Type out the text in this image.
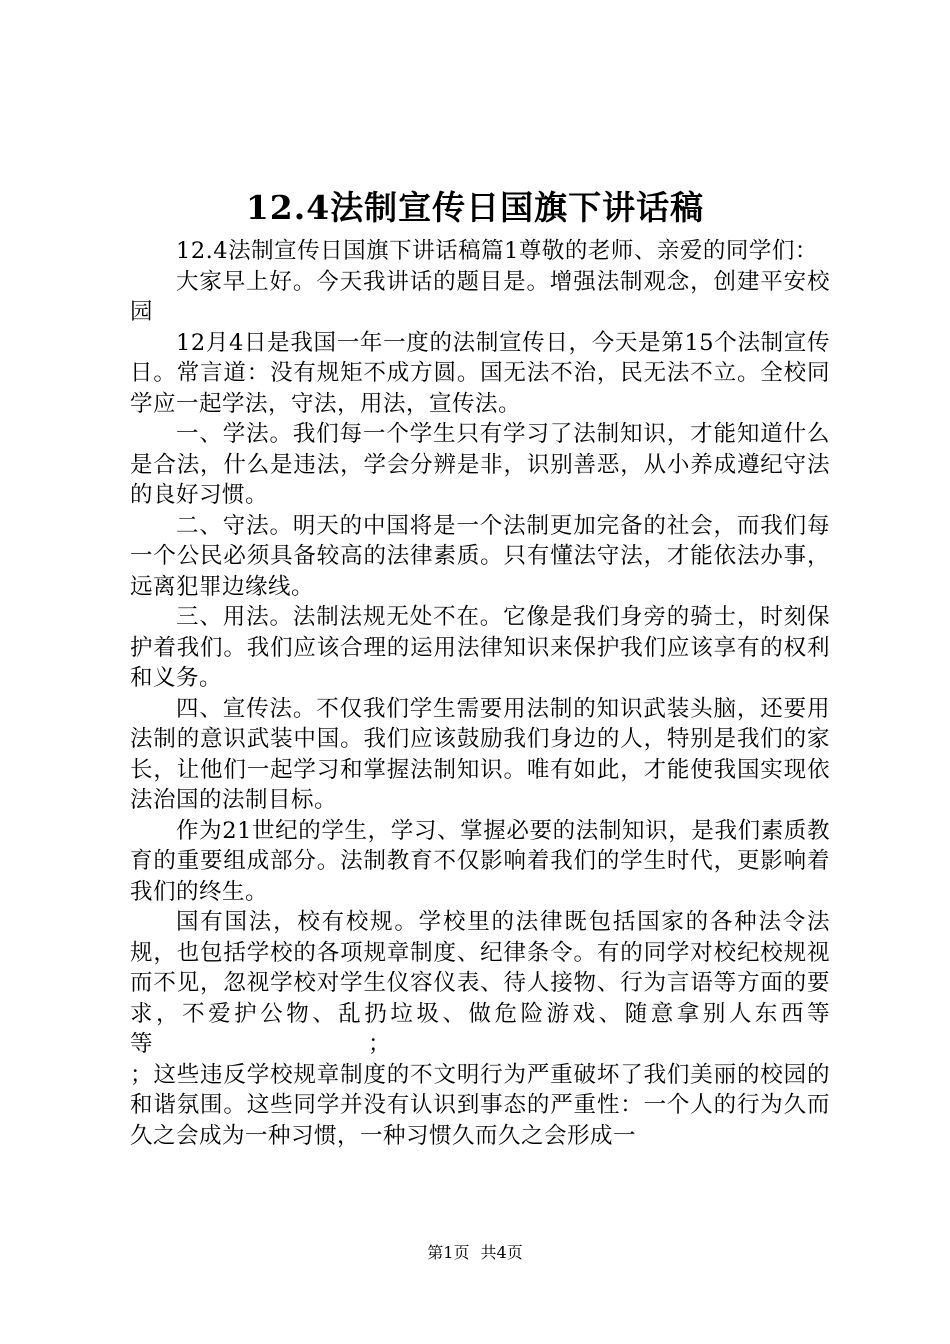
12.4法制宣传日国旗下讲话稿

12.4法制宣传日国旗下讲话稿篇1尊敬的老师、亲爱的同学们：

大家早上好。今天我讲话的题目是。增强法制观念，创建平安校园

12月4日是我国一年一度的法制宣传日，今天是第15个法制宣传日。常言道：没有规矩不成方圆。国无法不治，民无法不立。全校同学应一起学法，守法，用法，宣传法。

一、学法。我们每一个学生只有学习了法制知识，才能知道什么是合法，什么是违法，学会分辨是非，识别善恶，从小养成遵纪守法的良好习惯。

二、守法。明天的中国将是一个法制更加完备的社会，而我们每一个公民必须具备较高的法律素质。只有懂法守法，才能依法办事，远离犯罪边缘线。

三、用法。法制法规无处不在。它像是我们身旁的骑士，时刻保护着我们。我们应该合理的运用法律知识来保护我们应该享有的权利和义务。

四、宣传法。不仅我们学生需要用法制的知识武装头脑，还要用法制的意识武装中国。我们应该鼓励我们身边的人，特别是我们的家长，让他们一起学习和掌握法制知识。唯有如此，才能使我国实现依法治国的法制目标。

作为21世纪的学生，学习、掌握必要的法制知识，是我们素质教育的重要组成部分。法制教育不仅影响着我们的学生时代，更影响着我们的终生。

国有国法，校有校规。学校里的法律既包括国家的各种法令法规，也包括学校的各项规章制度、纪律条令。有的同学对校纪校规视而不见，忽视学校对学生仪容仪表、待人接物、行为言语等方面的要求，不爱护公物、乱扔垃圾、做危险游戏、随意拿别人东西等等	；

；这些违反学校规章制度的不文明行为严重破坏了我们美丽的校园的和谐氛围。这些同学并没有认识到事态的严重性：一个人的行为久而久之会成为一种习惯，一种习惯久而久之会形成一

第1页 共4页
